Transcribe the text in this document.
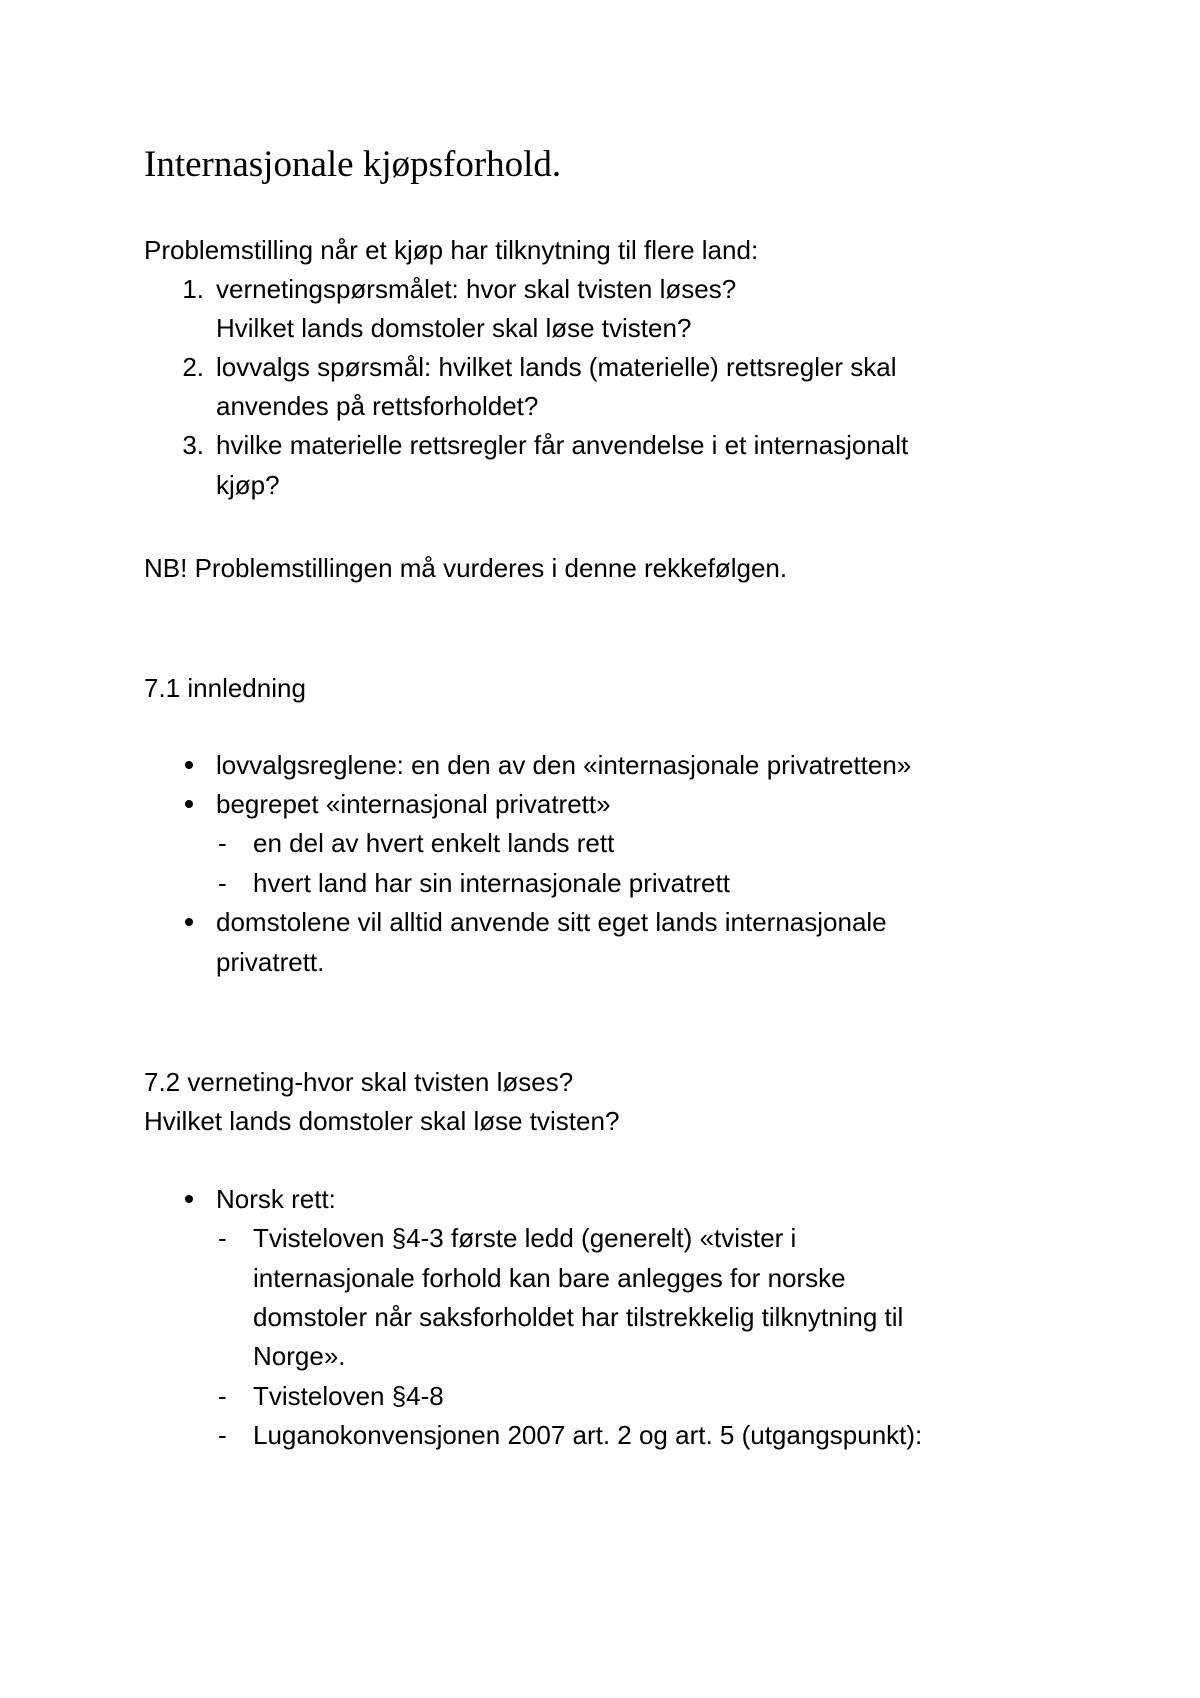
Internasjonale kjøpsforhold.

Problemstilling når et kjøp har tilknytning til flere land:

1. vernetingspørsmålet: hvor skal tvisten løses?

Hvilket lands domstoler skal løse tvisten?

2. lovvalgs spørsmål: hvilket lands (materielle) rettsregler skal

anvendes på rettsforholdet?

3. hvilke materielle rettsregler får anvendelse i et internasjonalt

kjøp?

NB! Problemstillingen må vurderes i denne rekkefølgen.

7.1 innledning

lovvalgsreglene: en den av den «internasjonale privatretten»

begrepet «internasjonal privatrett»

- en del av hvert enkelt lands rett

- hvert land har sin internasjonale privatrett

domstolene vil alltid anvende sitt eget lands internasjonale

privatrett.

7.2 verneting-hvor skal tvisten løses?

Hvilket lands domstoler skal løse tvisten?

Norsk rett:

- Tvisteloven §4-3 første ledd (generelt) «tvister i

internasjonale forhold kan bare anlegges for norske

domstoler når saksforholdet har tilstrekkelig tilknytning til

Norge».

- Tvisteloven §4-8

- Luganokonvensjonen 2007 art. 2 og art. 5 (utgangspunkt):
